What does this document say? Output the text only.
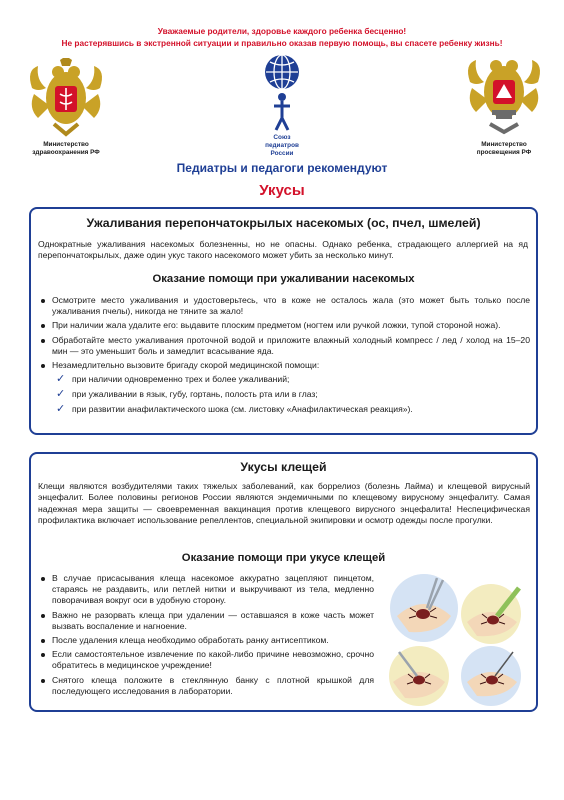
Уважаемые родители, здоровье каждого ребенка бесценно!
Не растерявшись в экстренной ситуации и правильно оказав первую помощь, вы спасете ребенку жизнь!
Министерство здравоохранения РФ
Союз педиатров России
Министерство просвещения РФ
Педиатры и педагоги рекомендуют
Укусы
Ужаливания перепончатокрылых насекомых (ос, пчел, шмелей)
Однократные ужаливания насекомых болезненны, но не опасны. Однако ребенка, страдающего аллергией на яд перепончатокрылых, даже один укус такого насекомого может убить за несколько минут.
Оказание помощи при ужаливании насекомых
Осмотрите место ужаливания и удостоверьтесь, что в коже не осталось жала (это может быть только после ужаливания пчелы), никогда не тяните за жало!
При наличии жала удалите его: выдавите плоским предметом (ногтем или ручкой ложки, тупой стороной ножа).
Обработайте место ужаливания проточной водой и приложите влажный холодный компресс / лед / холод на 15–20 мин — это уменьшит боль и замедлит всасывание яда.
Незамедлительно вызовите бригаду скорой медицинской помощи:
✓ при наличии одновременно трех и более ужаливаний;
✓ при ужаливании в язык, губу, гортань, полость рта или в глаз;
✓ при развитии анафилактического шока (см. листовку «Анафилактическая реакция»).
Укусы клещей
Клещи являются возбудителями таких тяжелых заболеваний, как боррелиоз (болезнь Лайма) и клещевой вирусный энцефалит. Более половины регионов России являются эндемичными по клещевому вирусному энцефалиту. Самая надежная мера защиты — своевременная вакцинация против клещевого вирусного энцефалита! Неспецифическая профилактика включает использование репеллентов, специальной экипировки и осмотр одежды после прогулки.
Оказание помощи при укусе клещей
В случае присасывания клеща насекомое аккуратно зацепляют пинцетом, стараясь не раздавить, или петлей нитки и выкручивают из тела, медленно поворачивая вокруг оси в удобную сторону.
Важно не разорвать клеща при удалении — оставшаяся в коже часть может вызвать воспаление и нагноение.
После удаления клеща необходимо обработать ранку антисептиком.
Если самостоятельное извлечение по какой-либо причине невозможно, срочно обратитесь в медицинское учреждение!
Снятого клеща положите в стеклянную банку с плотной крышкой для последующего исследования в лаборатории.
